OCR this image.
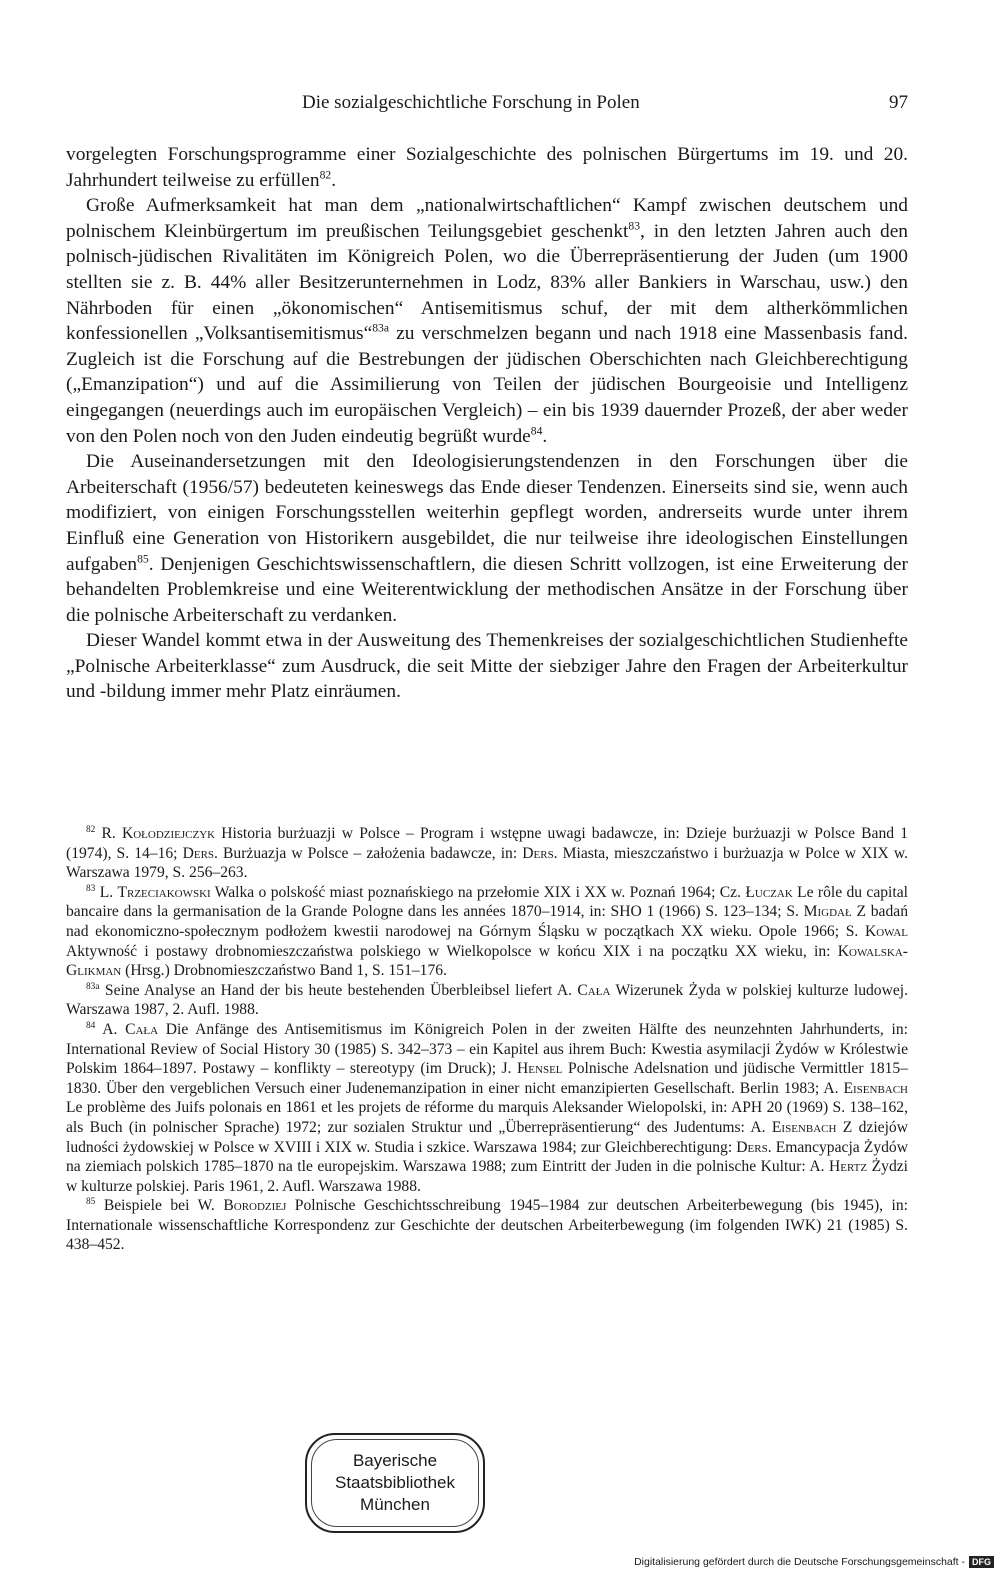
Die sozialgeschichtliche Forschung in Polen	97

vorgelegten Forschungsprogramme einer Sozialgeschichte des polnischen Bürgertums im 19. und 20. Jahrhundert teilweise zu erfüllen$^{82}$.

Große Aufmerksamkeit hat man dem „nationalwirtschaftlichen“ Kampf zwischen deutschem und polnischem Kleinbürgertum im preußischen Teilungsgebiet geschenkt$^{83}$, in den letzten Jahren auch den polnisch-jüdischen Rivalitäten im Königreich Polen, wo die Überrepräsentierung der Juden (um 1900 stellten sie z. B. 44% aller Besitzerunternehmen in Lodz, 83% aller Bankiers in Warschau, usw.) den Nährboden für einen „ökonomischen“ Antisemitismus schuf, der mit dem altherkömmlichen konfessionellen „Volksantisemitismus“$^{83a}$ zu verschmelzen begann und nach 1918 eine Massenbasis fand. Zugleich ist die Forschung auf die Bestrebungen der jüdischen Oberschichten nach Gleichberechtigung („Emanzipation“) und auf die Assimilierung von Teilen der jüdischen Bourgeoisie und Intelligenz eingegangen (neuerdings auch im europäischen Vergleich) – ein bis 1939 dauernder Prozeß, der aber weder von den Polen noch von den Juden eindeutig begrüßt wurde$^{84}$.

Die Auseinandersetzungen mit den Ideologisierungstendenzen in den Forschungen über die Arbeiterschaft (1956/57) bedeuteten keineswegs das Ende dieser Tendenzen. Einerseits sind sie, wenn auch modifiziert, von einigen Forschungsstellen weiterhin gepflegt worden, andrerseits wurde unter ihrem Einfluß eine Generation von Historikern ausgebildet, die nur teilweise ihre ideologischen Einstellungen aufgaben$^{85}$. Denjenigen Geschichtswissenschaftlern, die diesen Schritt vollzogen, ist eine Erweiterung der behandelten Problemkreise und eine Weiterentwicklung der methodischen Ansätze in der Forschung über die polnische Arbeiterschaft zu verdanken.

Dieser Wandel kommt etwa in der Ausweitung des Themenkreises der sozialgeschichtlichen Studienhefte „Polnische Arbeiterklasse“ zum Ausdruck, die seit Mitte der siebziger Jahre den Fragen der Arbeiterkultur und -bildung immer mehr Platz einräumen.

$^{82}$ R. Kołodziejczyk Historia burżuazji w Polsce – Program i wstępne uwagi badawcze, in: Dzieje burżuazji w Polsce Band 1 (1974), S. 14–16; Ders. Burżuazja w Polsce – założenia badawcze, in: Ders. Miasta, mieszczaństwo i burżuazja w Polce w XIX w. Warszawa 1979, S. 256–263.

$^{83}$ L. Trzeciakowski Walka o polskość miast poznańskiego na przełomie XIX i XX w. Poznań 1964; Cz. Łuczak Le rôle du capital bancaire dans la germanisation de la Grande Pologne dans les années 1870–1914, in: SHO 1 (1966) S. 123–134; S. Migdał Z badań nad ekonomiczno-społecznym podłożem kwestii narodowej na Górnym Śląsku w początkach XX wieku. Opole 1966; S. Kowal Aktywność i postawy drobnomieszczaństwa polskiego w Wielkopolsce w końcu XIX i na początku XX wieku, in: Kowalska-Glikman (Hrsg.) Drobnomieszczaństwo Band 1, S. 151–176.

$^{83a}$ Seine Analyse an Hand der bis heute bestehenden Überbleibsel liefert A. Cała Wizerunek Żyda w polskiej kulturze ludowej. Warszawa 1987, 2. Aufl. 1988.

$^{84}$ A. Cała Die Anfänge des Antisemitismus im Königreich Polen in der zweiten Hälfte des neunzehnten Jahrhunderts, in: International Review of Social History 30 (1985) S. 342–373 – ein Kapitel aus ihrem Buch: Kwestia asymilacji Żydów w Królestwie Polskim 1864–1897. Postawy – konflikty – stereotypy (im Druck); J. Hensel Polnische Adelsnation und jüdische Vermittler 1815–1830. Über den vergeblichen Versuch einer Judenemanzipation in einer nicht emanzipierten Gesellschaft. Berlin 1983; A. Eisenbach Le problème des Juifs polonais en 1861 et les projets de réforme du marquis Aleksander Wielopolski, in: APH 20 (1969) S. 138–162, als Buch (in polnischer Sprache) 1972; zur sozialen Struktur und „Überrepräsentierung“ des Judentums: A. Eisenbach Z dziejów ludności żydowskiej w Polsce w XVIII i XIX w. Studia i szkice. Warszawa 1984; zur Gleichberechtigung: Ders. Emancypacja Żydów na ziemiach polskich 1785–1870 na tle europejskim. Warszawa 1988; zum Eintritt der Juden in die polnische Kultur: A. Hertz Żydzi w kulturze polskiej. Paris 1961, 2. Aufl. Warszawa 1988.

$^{85}$ Beispiele bei W. Borodziej Polnische Geschichtsschreibung 1945–1984 zur deutschen Arbeiterbewegung (bis 1945), in: Internationale wissenschaftliche Korrespondenz zur Geschichte der deutschen Arbeiterbewegung (im folgenden IWK) 21 (1985) S. 438–452.

Bayerische
Staatsbibliothek
München
Digitalisierung gefördert durch die Deutsche Forschungsgemeinschaft - DFG
